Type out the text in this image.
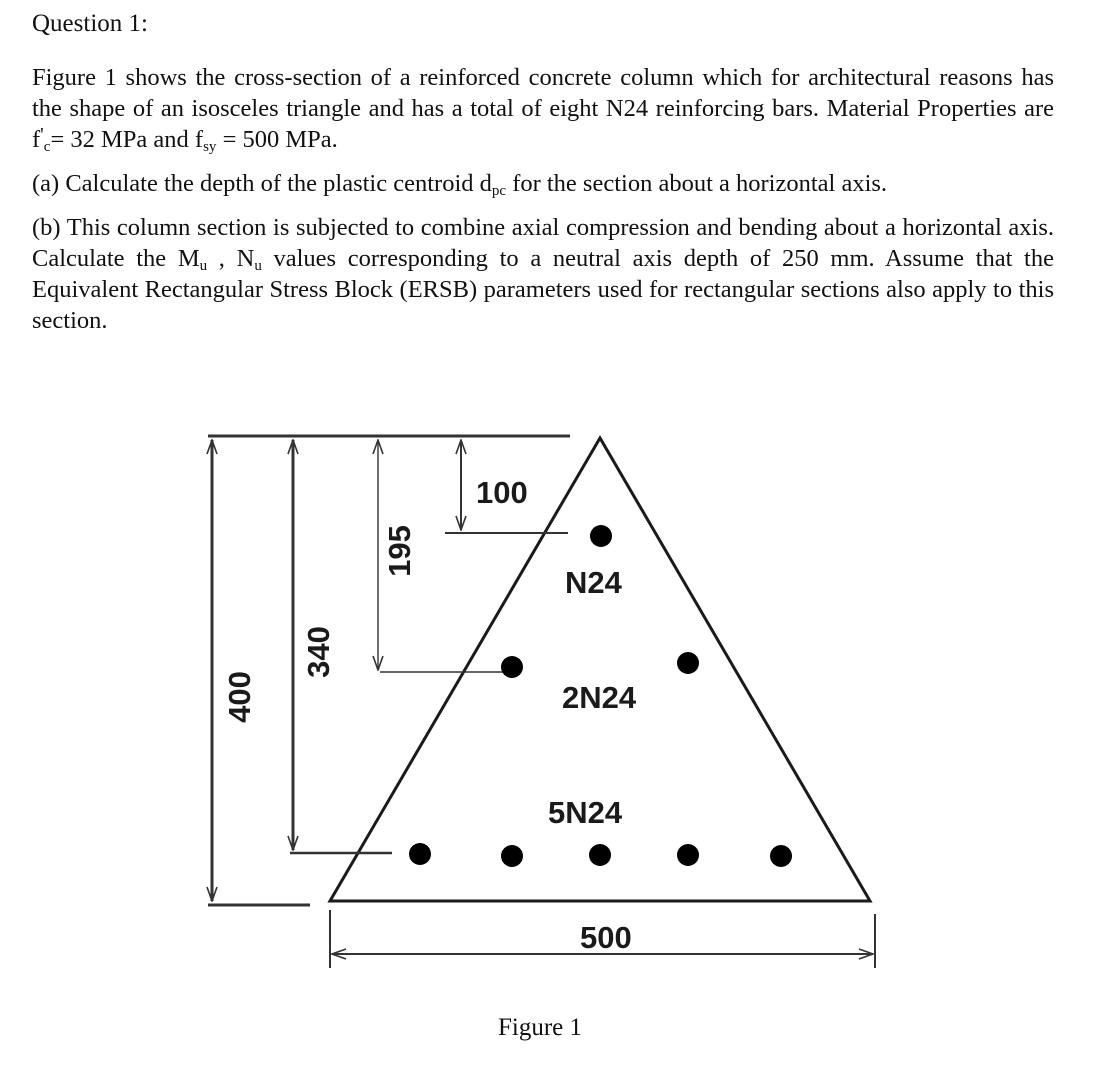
Question 1:

Figure 1 shows the cross-section of a reinforced concrete column which for architectural reasons has the shape of an isosceles triangle and has a total of eight N24 reinforcing bars. Material Properties are $f'_c= 32$ MPa and $f_{sy} = 500$ MPa.

(a) Calculate the depth of the plastic centroid $d_{pc}$ for the section about a horizontal axis.

(b) This column section is subjected to combine axial compression and bending about a horizontal axis. Calculate the $M_u$ , $N_u$ values corresponding to a neutral axis depth of 250 mm. Assume that the Equivalent Rectangular Stress Block (ERSB) parameters used for rectangular sections also apply to this section.

400
340
195
100
N24
2N24
5N24
500
Figure 1
